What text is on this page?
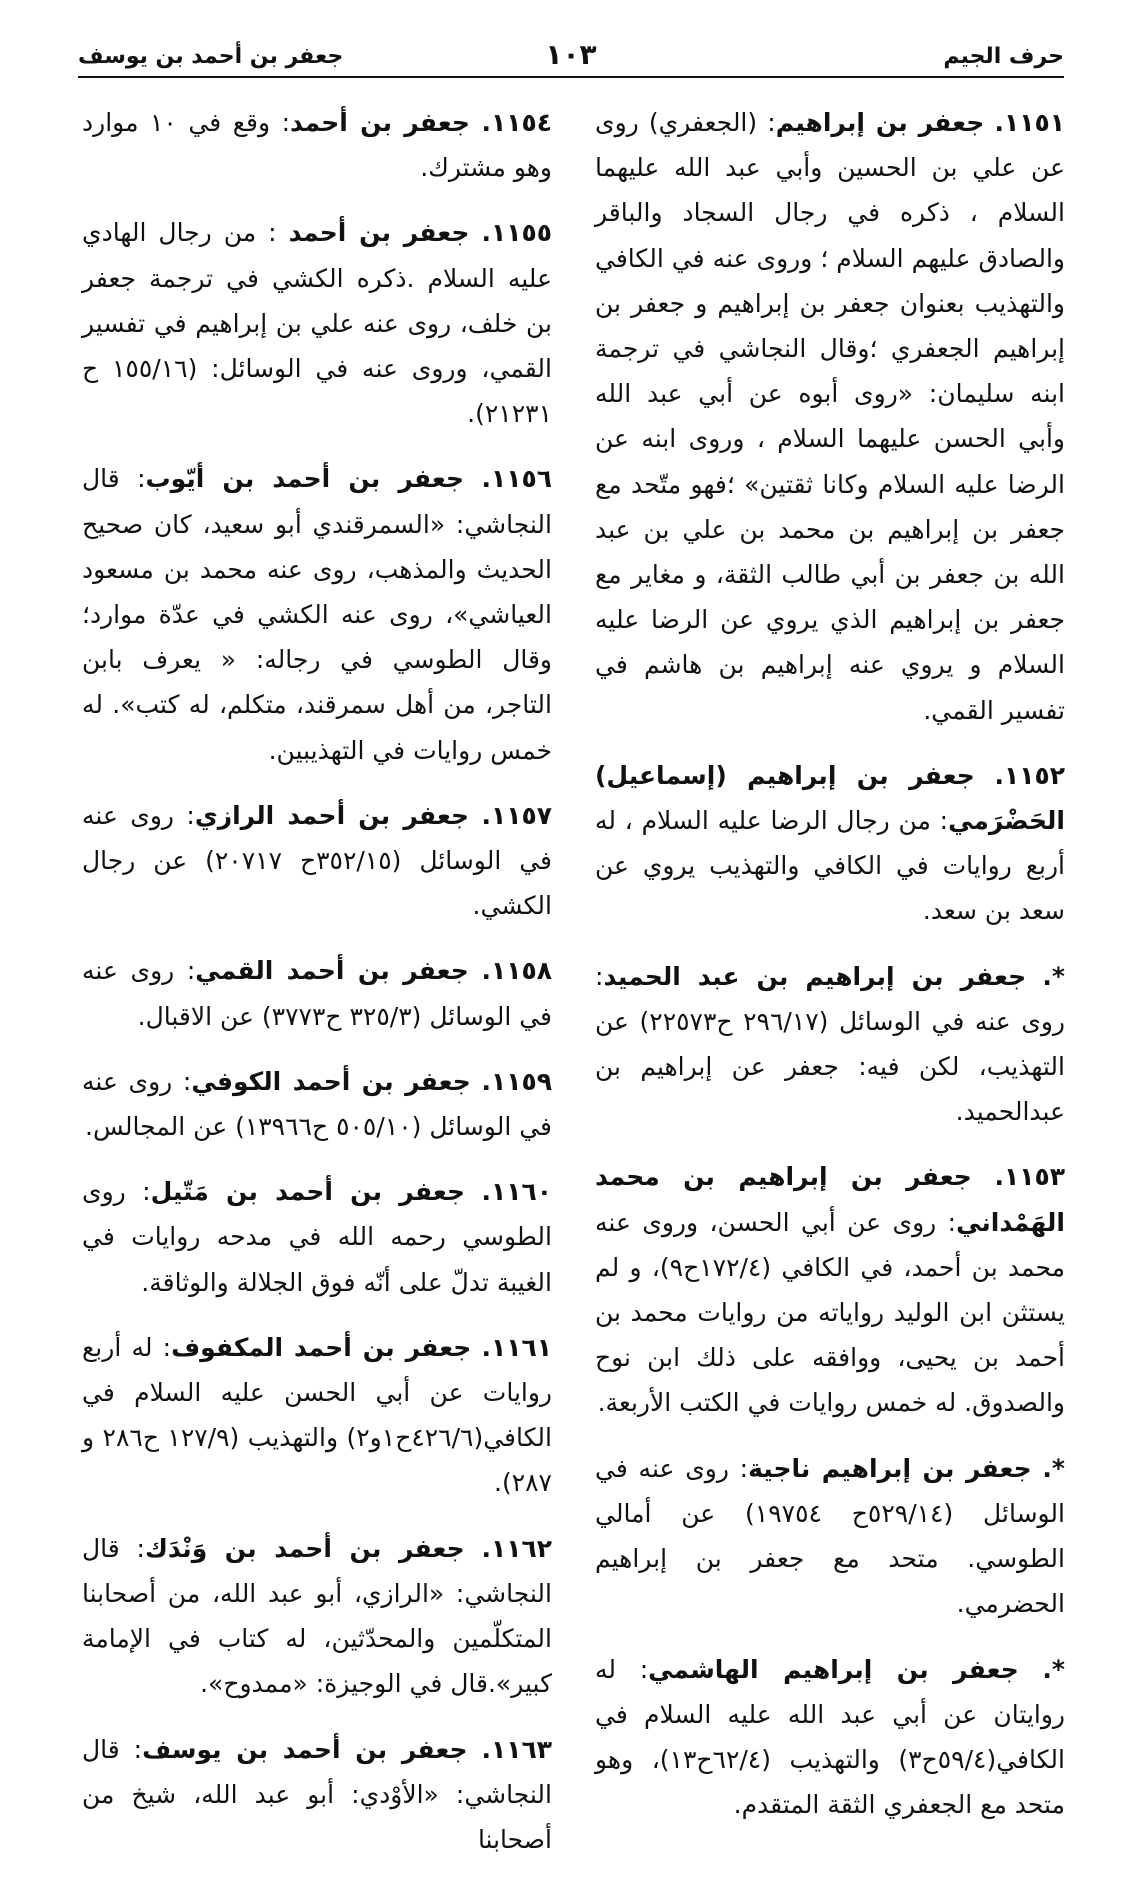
حرف الجيم
١٠٣
جعفر بن أحمد بن يوسف
١١٥١. جعفر بن إبراهيم: (الجعفري) روى عن علي بن الحسين وأبي عبد الله عليهما السلام ، ذكره في رجال السجاد والباقر والصادق عليهم السلام ؛ وروى عنه في الكافي والتهذيب بعنوان جعفر بن إبراهيم و جعفر بن إبراهيم الجعفري ؛وقال النجاشي في ترجمة ابنه سليمان: «روى أبوه عن أبي عبد الله وأبي الحسن عليهما السلام ، وروى ابنه عن الرضا عليه السلام وكانا ثقتين» ؛فهو متّحد مع جعفر بن إبراهيم بن محمد بن علي بن عبد الله بن جعفر بن أبي طالب الثقة، و مغاير مع جعفر بن إبراهيم الذي يروي عن الرضا عليه السلام و يروي عنه إبراهيم بن هاشم في تفسير القمي.
١١٥٢. جعفر بن إبراهيم (إسماعيل) الحَضْرَمي: من رجال الرضا عليه السلام ، له أربع روايات في الكافي والتهذيب يروي عن سعد بن سعد.
*. جعفر بن إبراهيم بن عبد الحميد: روى عنه في الوسائل (٢٩٦/١٧ ح٢٢٥٧٣) عن التهذيب، لكن فيه: جعفر عن إبراهيم بن عبدالحميد.
١١٥٣. جعفر بن إبراهيم بن محمد الهَمْداني: روى عن أبي الحسن، وروى عنه محمد بن أحمد، في الكافي (١٧٢/٤ح٩)، و لم يستثن ابن الوليد رواياته من روايات محمد بن أحمد بن يحيى، ووافقه على ذلك ابن نوح والصدوق. له خمس روايات في الكتب الأربعة.
*. جعفر بن إبراهيم ناجية: روى عنه في الوسائل (٥٢٩/١٤ح ١٩٧٥٤) عن أمالي الطوسي. متحد مع جعفر بن إبراهيم الحضرمي.
*. جعفر بن إبراهيم الهاشمي: له روايتان عن أبي عبد الله عليه السلام في الكافي(٥٩/٤ح٣) والتهذيب (٦٢/٤ح١٣)، وهو متحد مع الجعفري الثقة المتقدم.
١١٥٤. جعفر بن أحمد: وقع في ١٠ موارد وهو مشترك.
١١٥٥. جعفر بن أحمد : من رجال الهادي عليه السلام .ذكره الكشي في ترجمة جعفر بن خلف، روى عنه علي بن إبراهيم في تفسير القمي، وروى عنه في الوسائل: (١٥٥/١٦ ح ٢١٢٣١).
١١٥٦. جعفر بن أحمد بن أيّوب: قال النجاشي: «السمرقندي أبو سعيد، كان صحيح الحديث والمذهب، روى عنه محمد بن مسعود العياشي»، روى عنه الكشي في عدّة موارد؛ وقال الطوسي في رجاله: « يعرف بابن التاجر، من أهل سمرقند، متكلم، له كتب». له خمس روايات في التهذيبين.
١١٥٧. جعفر بن أحمد الرازي: روى عنه في الوسائل (٣٥٢/١٥ح ٢٠٧١٧) عن رجال الكشي.
١١٥٨. جعفر بن أحمد القمي: روى عنه في الوسائل (٣٢٥/٣ ح٣٧٧٣) عن الاقبال.
١١٥٩. جعفر بن أحمد الكوفي: روى عنه في الوسائل (٥٠٥/١٠ ح١٣٩٦٦) عن المجالس.
١١٦٠. جعفر بن أحمد بن مَتّيل: روى الطوسي رحمه الله في مدحه روايات في الغيبة تدلّ على أنّه فوق الجلالة والوثاقة.
١١٦١. جعفر بن أحمد المكفوف: له أربع روايات عن أبي الحسن عليه السلام في الكافي(٤٢٦/٦ح١و٢) والتهذيب (١٢٧/٩ ح٢٨٦ و ٢٨٧).
١١٦٢. جعفر بن أحمد بن وَنْدَك: قال النجاشي: «الرازي، أبو عبد الله، من أصحابنا المتكلّمين والمحدّثين، له كتاب في الإمامة كبير».قال في الوجيزة: «ممدوح».
١١٦٣. جعفر بن أحمد بن يوسف: قال النجاشي: «الأوْدي: أبو عبد الله، شيخ من أصحابنا
